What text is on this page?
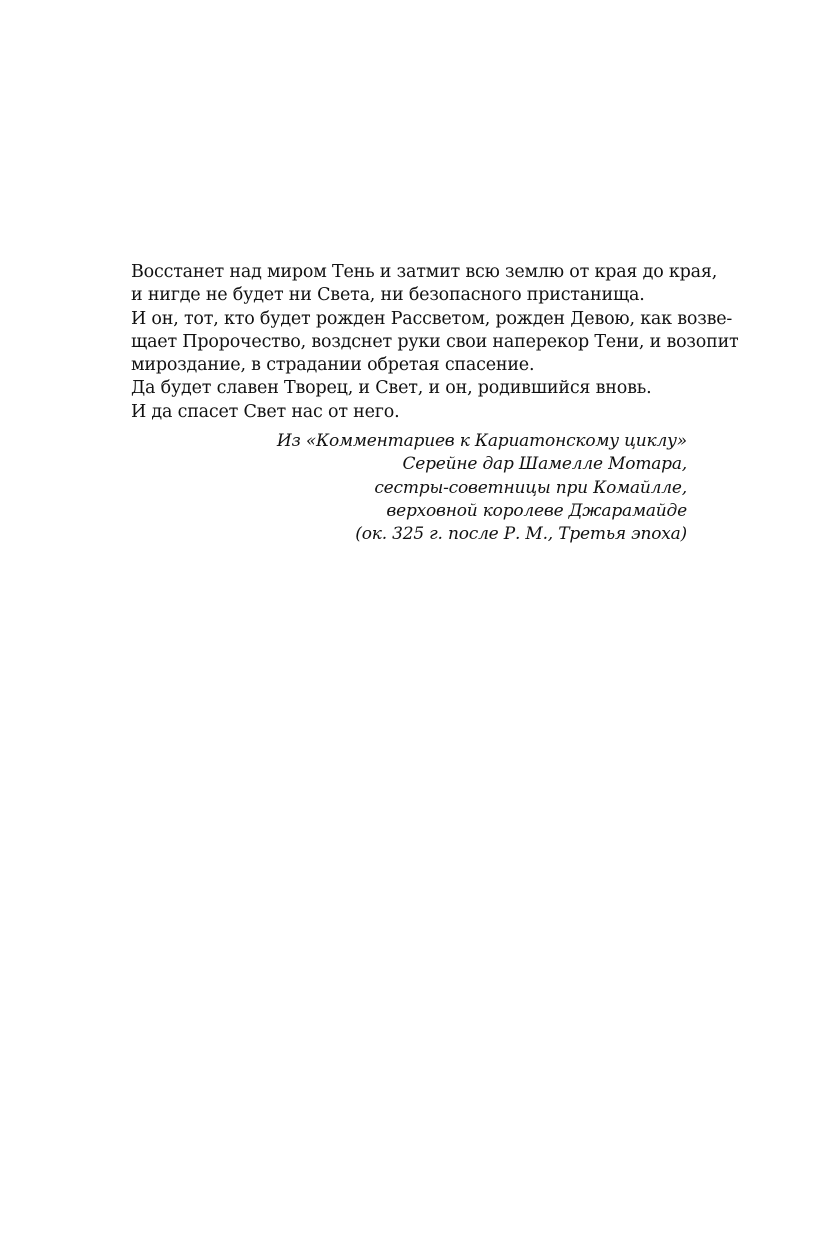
Восстанет над миром Тень и затмит всю землю от края до края,
и нигде не будет ни Света, ни безопасного пристанища.
И он, тот, кто будет рожден Рассветом, рожден Девою, как возве-
щает Пророчество, воздснет руки свои наперекор Тени, и возопит
мироздание, в страдании обретая спасение.
Да будет славен Творец, и Свет, и он, родившийся вновь.
И да спасет Свет нас от него.

Из «Комментариев к Кариатонскому циклу»
Серейне дар Шамелле Мотара,
сестры-советницы при Комайлле,
верховной королеве Джарамайде
(ок. 325 г. после Р. М., Третья эпоха)
